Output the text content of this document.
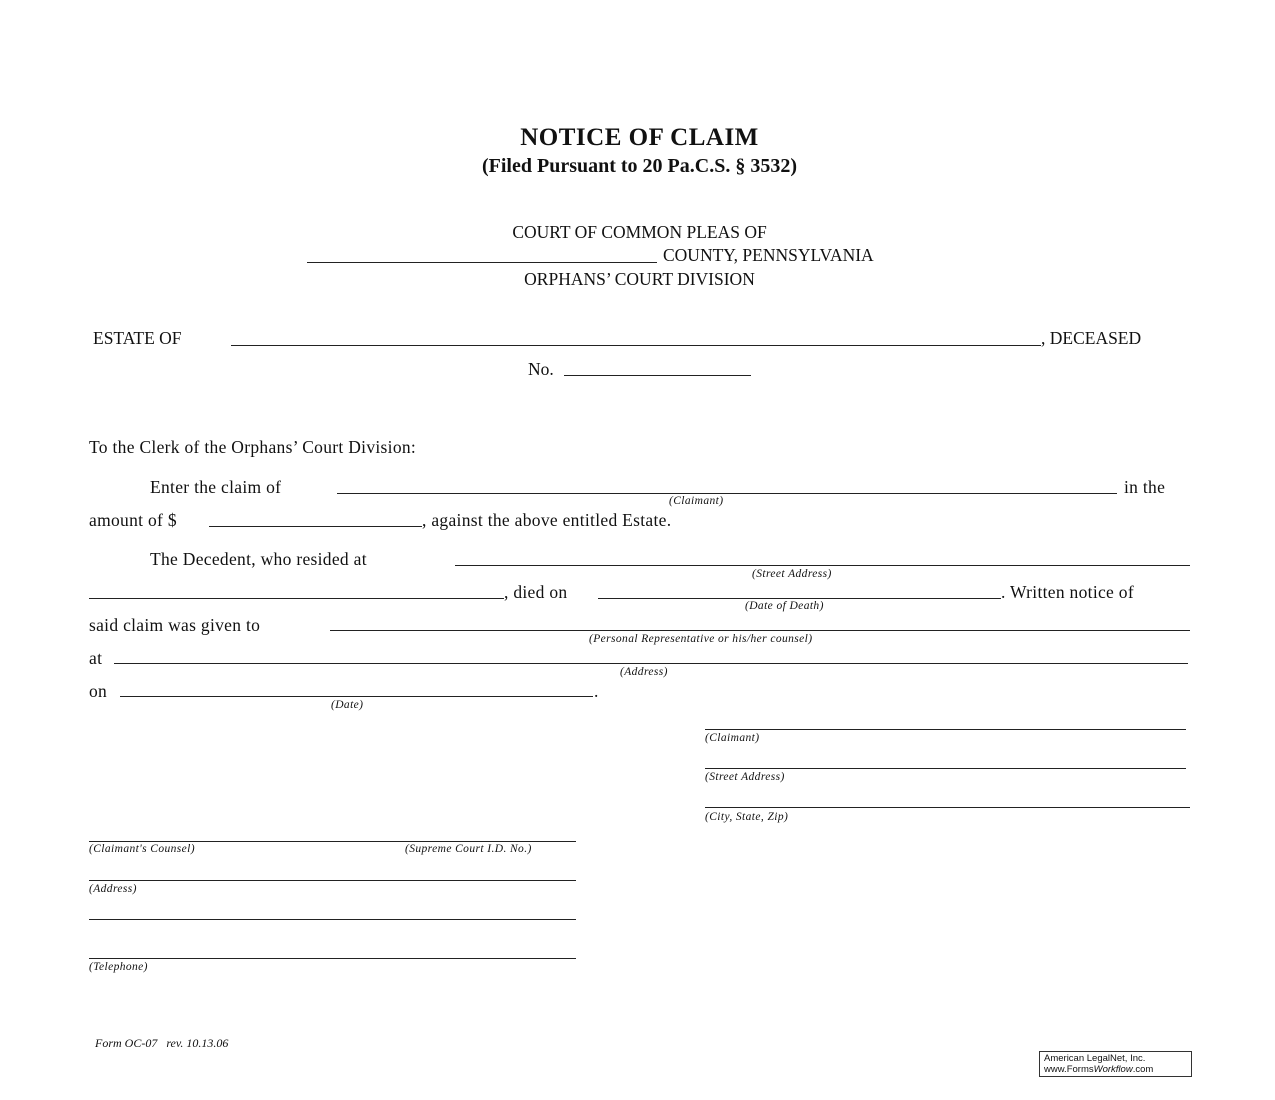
NOTICE OF CLAIM
(Filed Pursuant to 20 Pa.C.S. § 3532)
COURT OF COMMON PLEAS OF
COUNTY, PENNSYLVANIA
ORPHANS’ COURT DIVISION
ESTATE OF	, DECEASED
No.
To the Clerk of the Orphans’ Court Division:
Enter the claim of	in the
(Claimant)
amount of $	, against the above entitled Estate.
The Decedent, who resided at
(Street Address)
, died on	. Written notice of
(Date of Death)
said claim was given to
(Personal Representative or his/her counsel)
at
(Address)
on	.
(Date)
(Claimant)
(Street Address)
(City, State, Zip)
(Claimant's Counsel)	(Supreme Court I.D. No.)
(Address)
(Telephone)
Form OC-07   rev. 10.13.06
American LegalNet, Inc.
www.FormsWorkflow.com
